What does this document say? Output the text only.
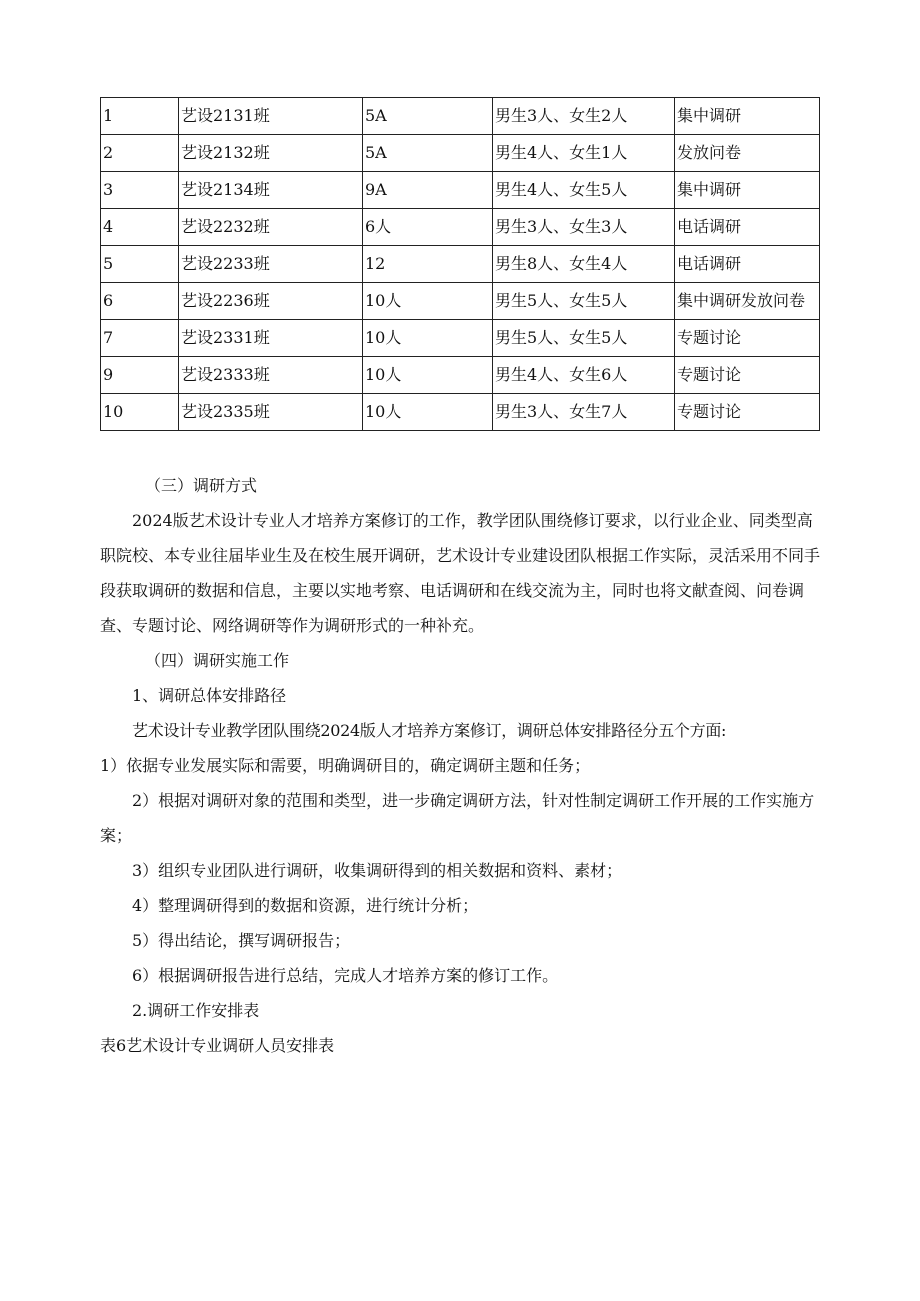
1	艺设2131班	5A	男生3人、女生2人	集中调研
2	艺设2132班	5A	男生4人、女生1人	发放问卷
3	艺设2134班	9A	男生4人、女生5人	集中调研
4	艺设2232班	6人	男生3人、女生3人	电话调研
5	艺设2233班	12	男生8人、女生4人	电话调研
6	艺设2236班	10人	男生5人、女生5人	集中调研发放问卷
7	艺设2331班	10人	男生5人、女生5人	专题讨论
9	艺设2333班	10人	男生4人、女生6人	专题讨论
10	艺设2335班	10人	男生3人、女生7人	专题讨论

（三）调研方式

2024版艺术设计专业人才培养方案修订的工作，教学团队围绕修订要求，以行业企业、同类型高职院校、本专业往届毕业生及在校生展开调研，艺术设计专业建设团队根据工作实际，灵活采用不同手段获取调研的数据和信息，主要以实地考察、电话调研和在线交流为主，同时也将文献查阅、问卷调查、专题讨论、网络调研等作为调研形式的一种补充。

（四）调研实施工作

1、调研总体安排路径

艺术设计专业教学团队围绕2024版人才培养方案修订，调研总体安排路径分五个方面:

1）依据专业发展实际和需要，明确调研目的，确定调研主题和任务；

2）根据对调研对象的范围和类型，进一步确定调研方法，针对性制定调研工作开展的工作实施方案；

3）组织专业团队进行调研，收集调研得到的相关数据和资料、素材；

4）整理调研得到的数据和资源，进行统计分析；

5）得出结论，撰写调研报告；

6）根据调研报告进行总结，完成人才培养方案的修订工作。

2.调研工作安排表

表6艺术设计专业调研人员安排表
